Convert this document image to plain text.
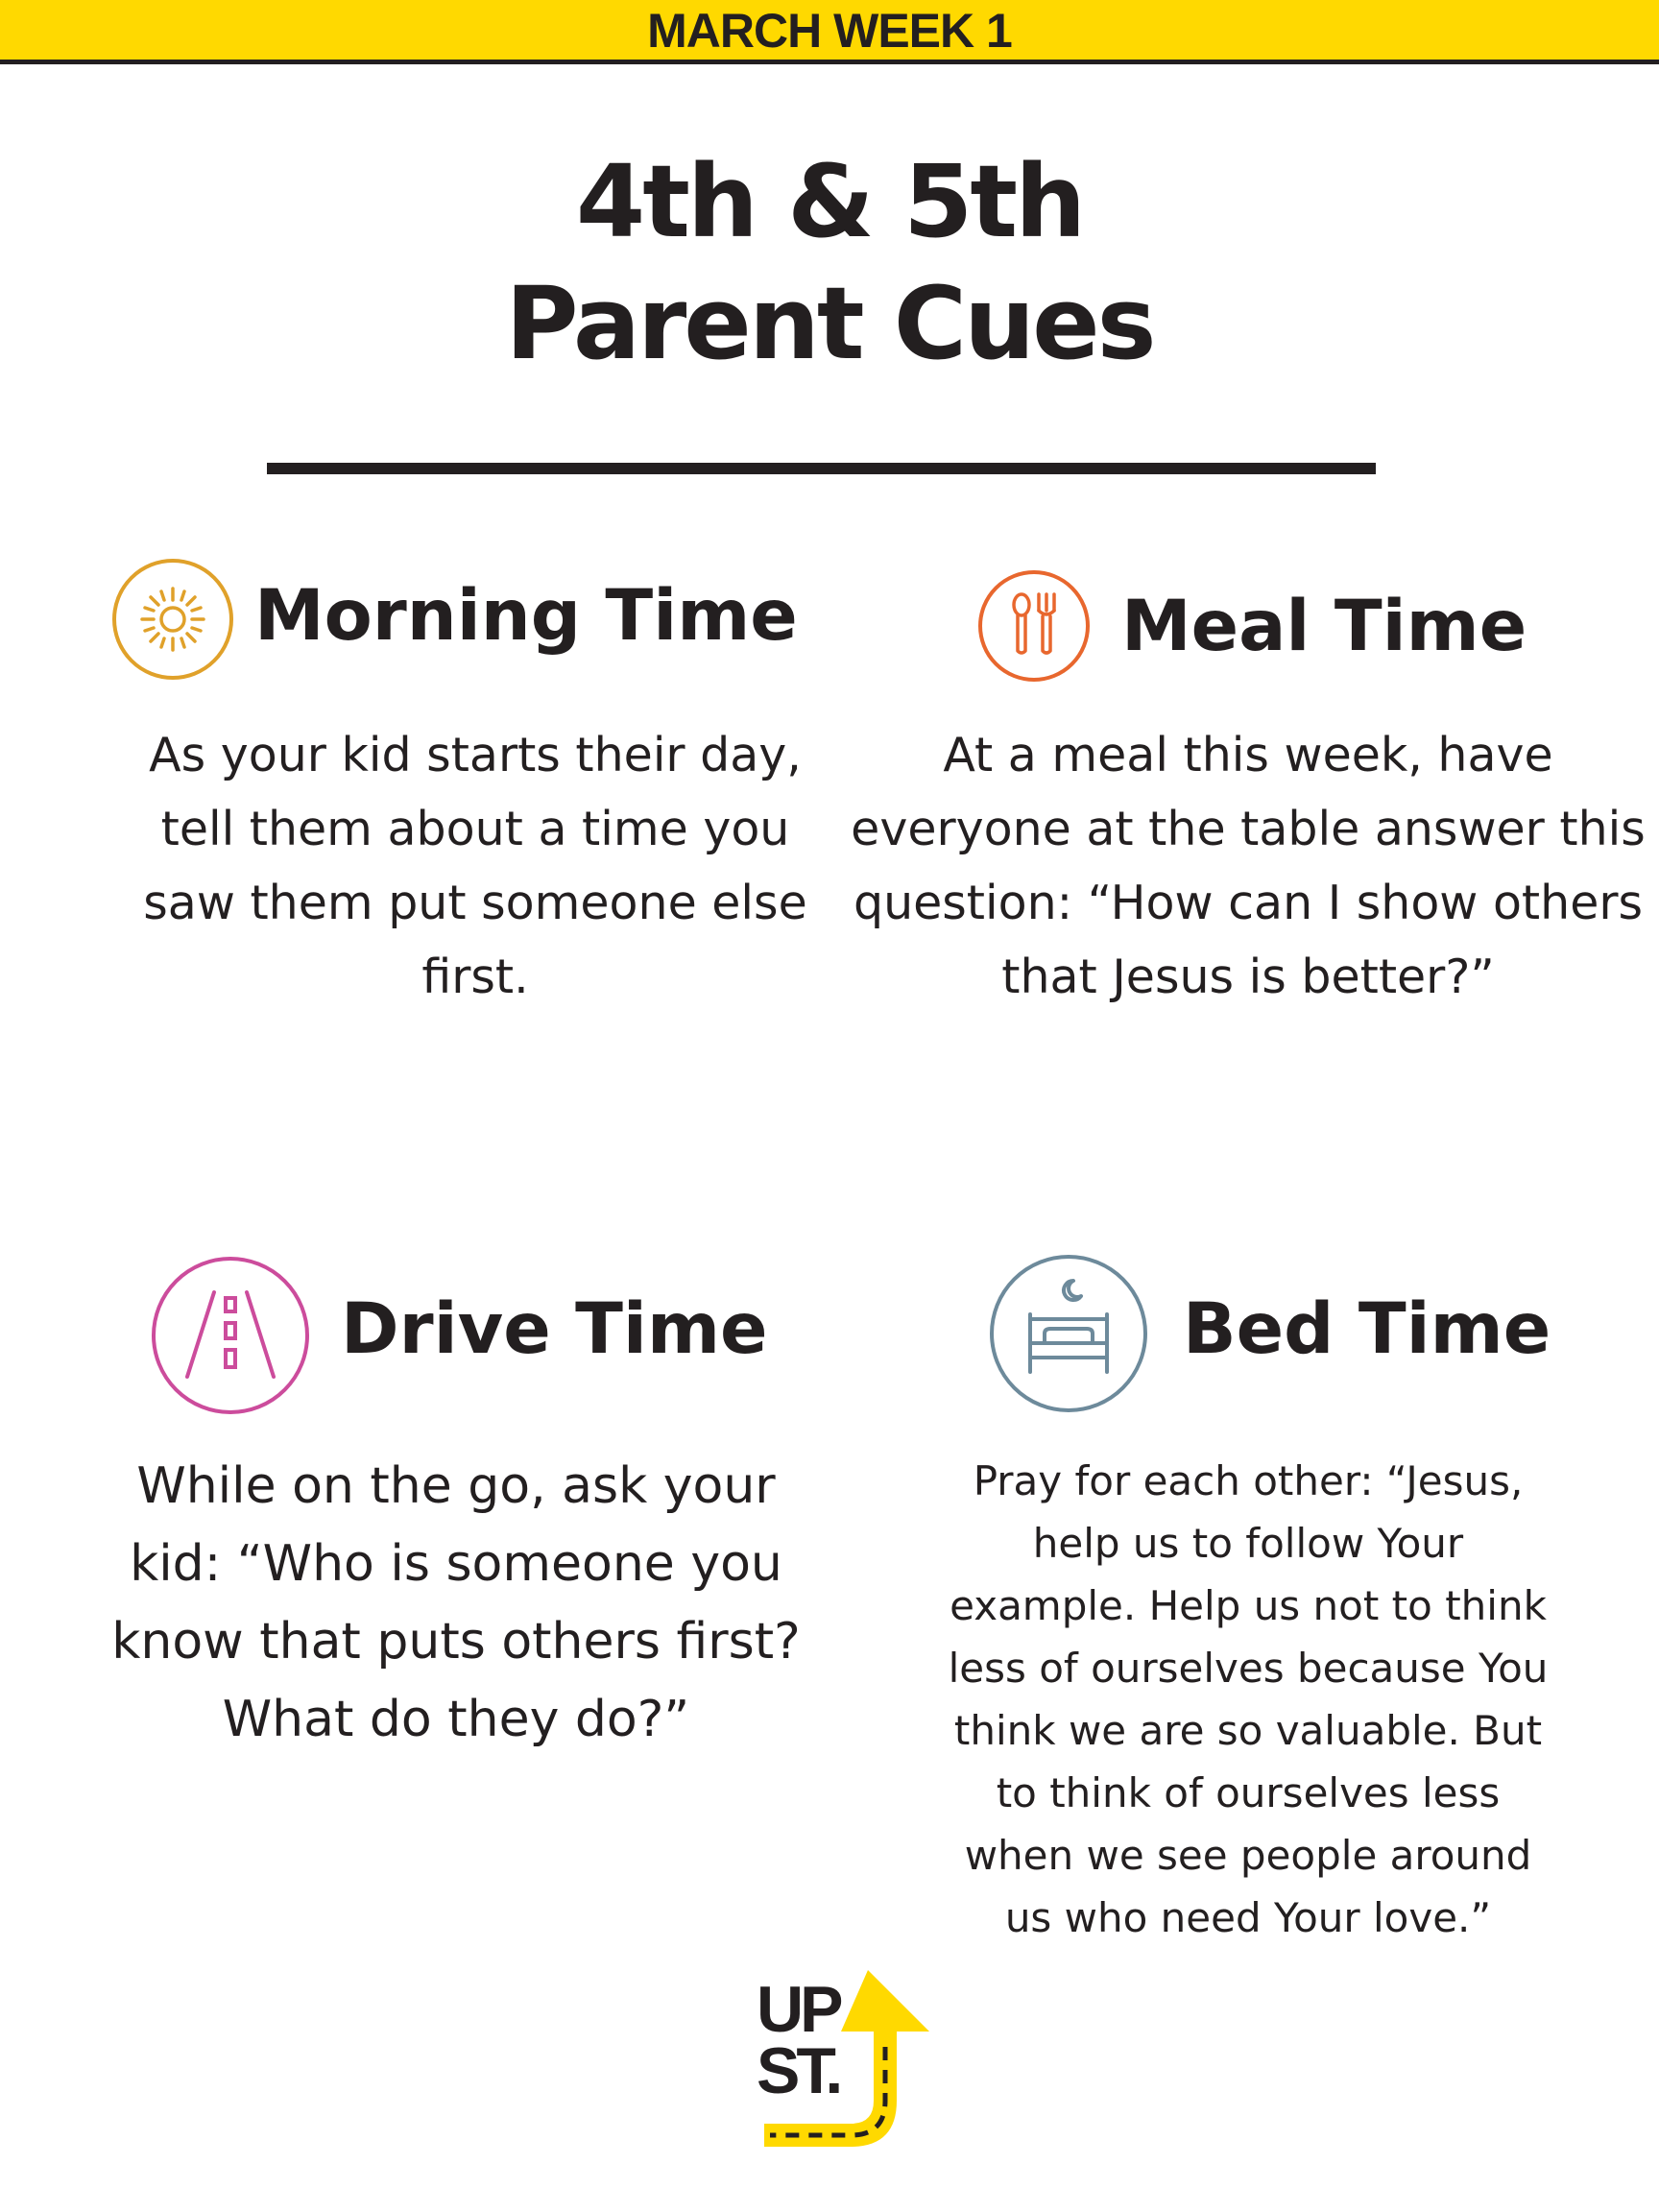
MARCH WEEK 1
4th & 5th
Parent Cues
Morning Time
As your kid starts their day, tell them about a time you saw them put someone else first.
Meal Time
At a meal this week, have everyone at the table answer this question: “How can I show others that Jesus is better?”
Drive Time
While on the go, ask your kid: “Who is someone you know that puts others first? What do they do?”
Bed Time
Pray for each other: “Jesus, help us to follow Your example. Help us not to think less of ourselves because You think we are so valuable. But to think of ourselves less when we see people around us who need Your love.”
UP
ST.
